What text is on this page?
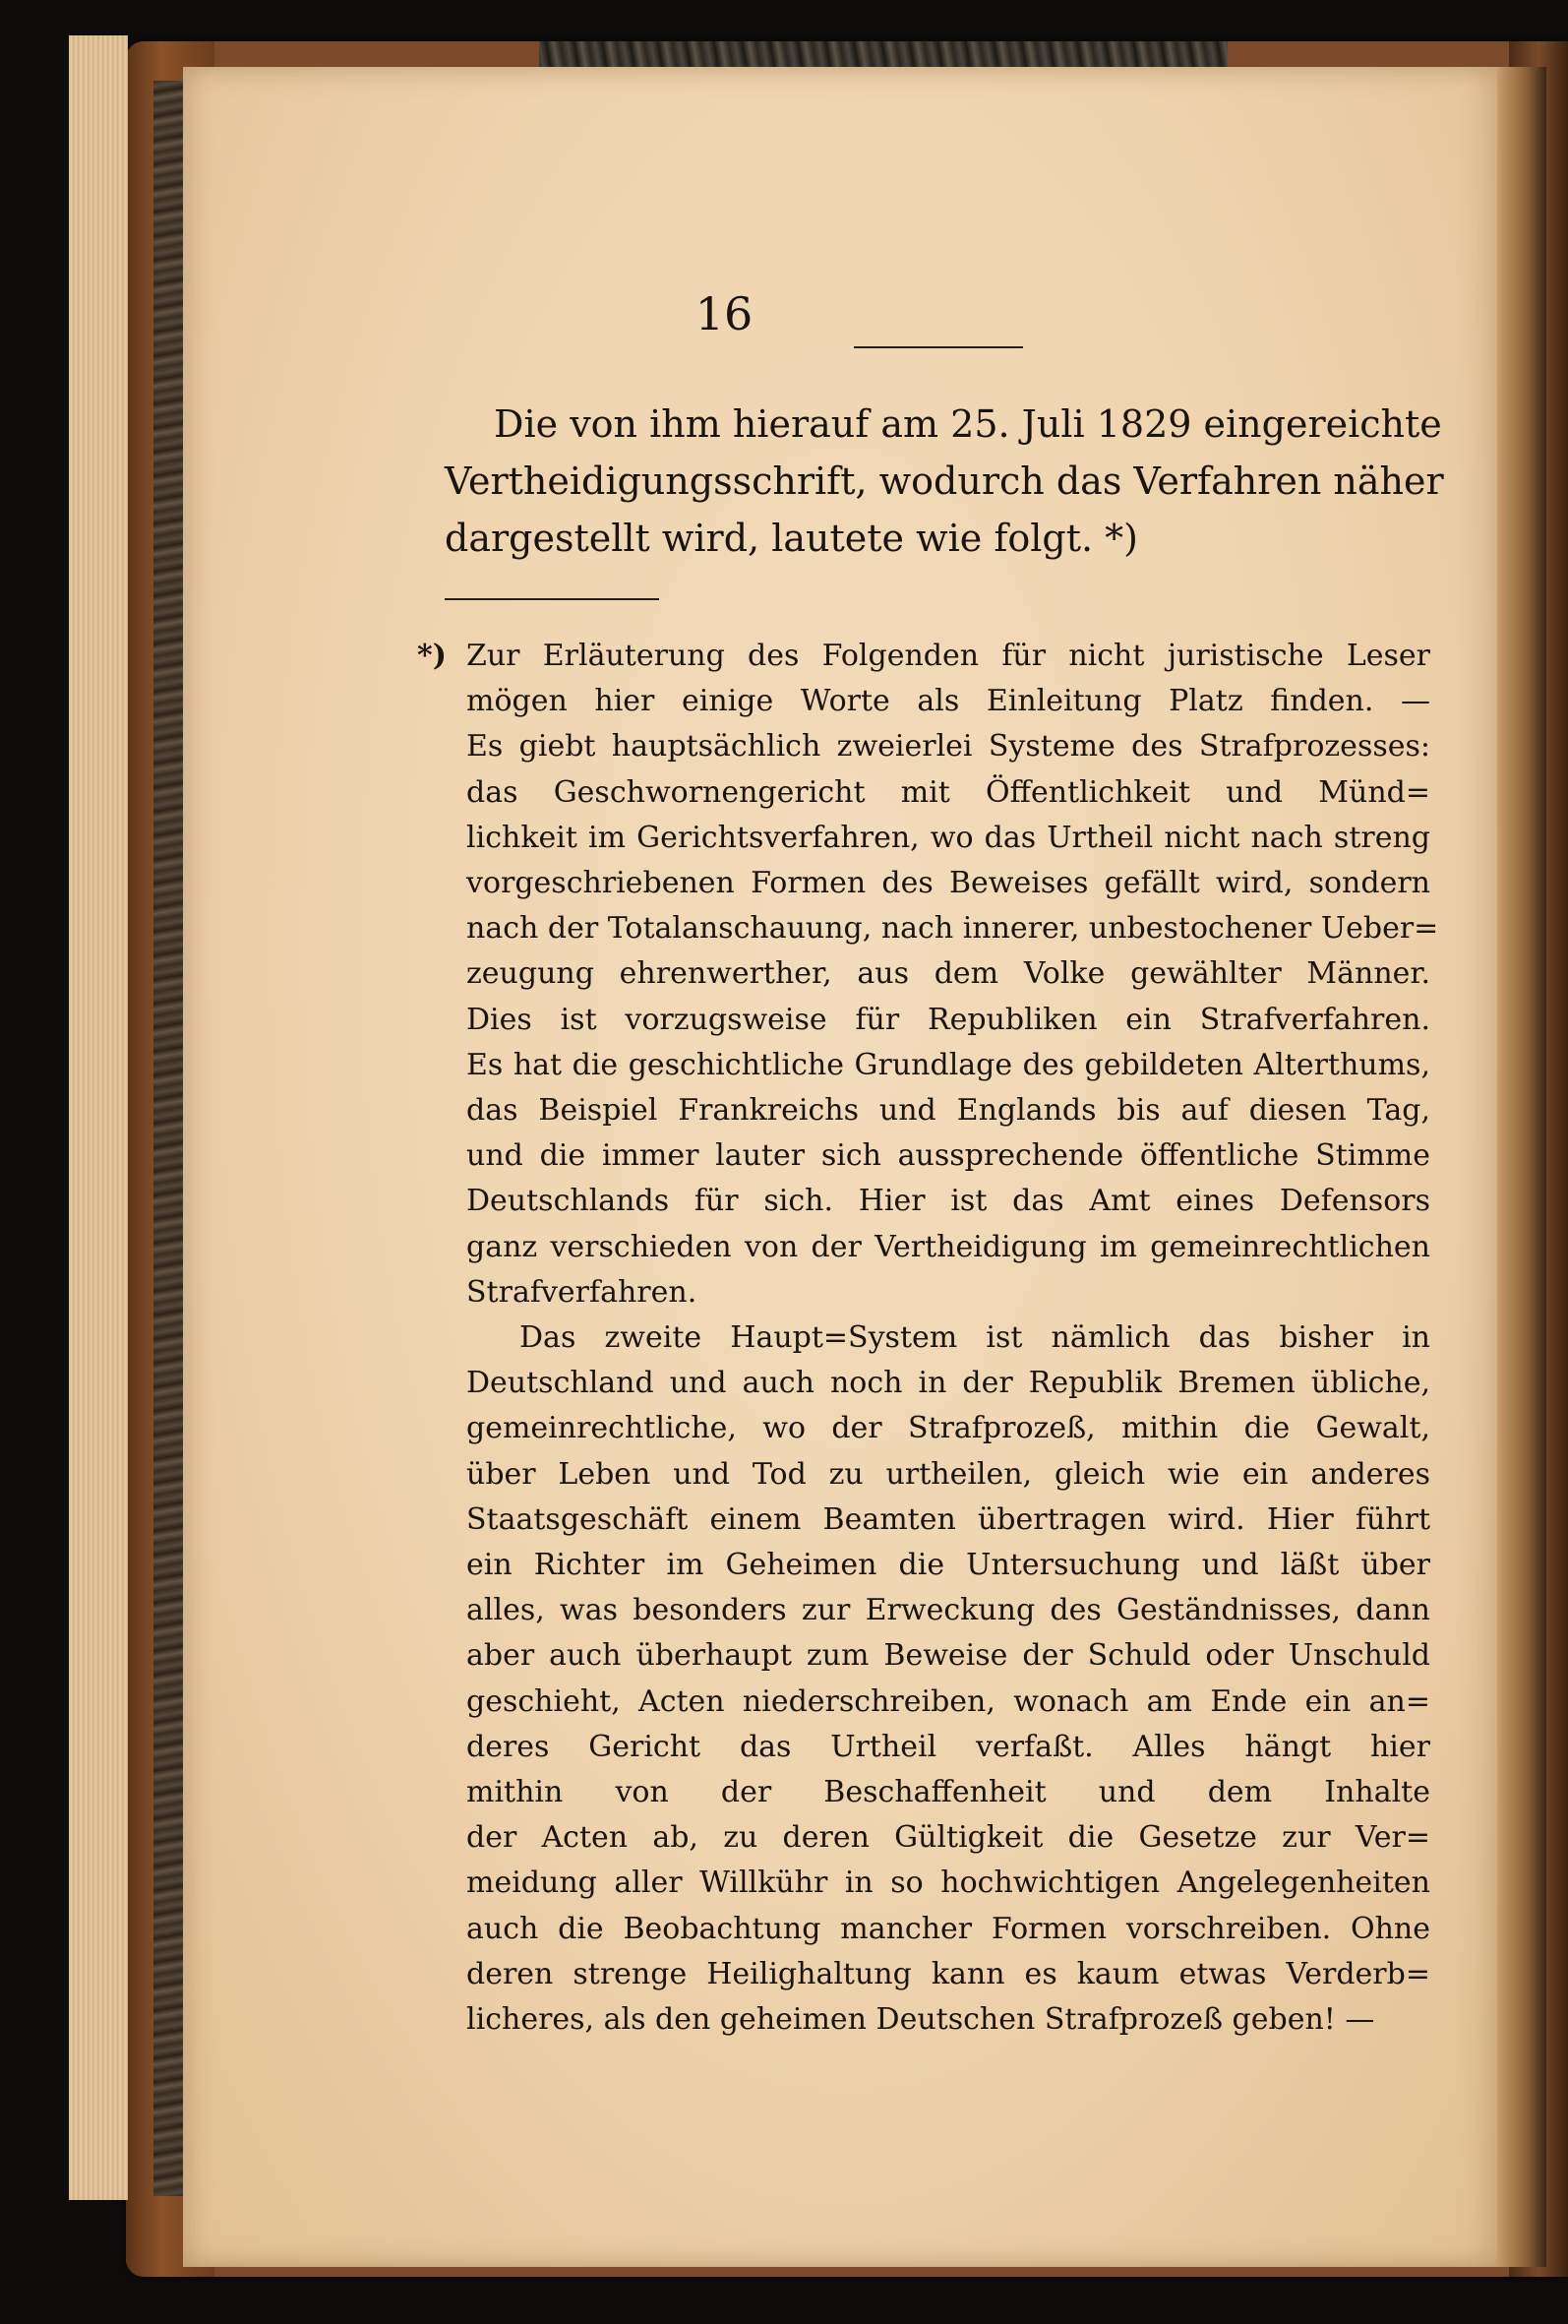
16
Die von ihm hierauf am 25. Juli 1829 eingereichte
Vertheidigungsschrift, wodurch das Verfahren näher
dargestellt wird, lautete wie folgt. *)
*) Zur Erläuterung des Folgenden für nicht juristische Leser
mögen hier einige Worte als Einleitung Platz finden. —
Es giebt hauptsächlich zweierlei Systeme des Strafprozesses:
das Geschwornengericht mit Öffentlichkeit und Münd=
lichkeit im Gerichtsverfahren, wo das Urtheil nicht nach streng
vorgeschriebenen Formen des Beweises gefällt wird, sondern
nach der Totalanschauung, nach innerer, unbestochener Ueber=
zeugung ehrenwerther, aus dem Volke gewählter Männer.
Dies ist vorzugsweise für Republiken ein Strafverfahren.
Es hat die geschichtliche Grundlage des gebildeten Alterthums,
das Beispiel Frankreichs und Englands bis auf diesen Tag,
und die immer lauter sich aussprechende öffentliche Stimme
Deutschlands für sich. Hier ist das Amt eines Defensors
ganz verschieden von der Vertheidigung im gemeinrechtlichen
Strafverfahren.
Das zweite Haupt=System ist nämlich das bisher in
Deutschland und auch noch in der Republik Bremen übliche,
gemeinrechtliche, wo der Strafprozeß, mithin die Gewalt,
über Leben und Tod zu urtheilen, gleich wie ein anderes
Staatsgeschäft einem Beamten übertragen wird. Hier führt
ein Richter im Geheimen die Untersuchung und läßt über
alles, was besonders zur Erweckung des Geständnisses, dann
aber auch überhaupt zum Beweise der Schuld oder Unschuld
geschieht, Acten niederschreiben, wonach am Ende ein an=
deres Gericht das Urtheil verfaßt. Alles hängt hier
mithin von der Beschaffenheit und dem Inhalte
der Acten ab, zu deren Gültigkeit die Gesetze zur Ver=
meidung aller Willkühr in so hochwichtigen Angelegenheiten
auch die Beobachtung mancher Formen vorschreiben. Ohne
deren strenge Heilighaltung kann es kaum etwas Verderb=
licheres, als den geheimen Deutschen Strafprozeß geben! —
